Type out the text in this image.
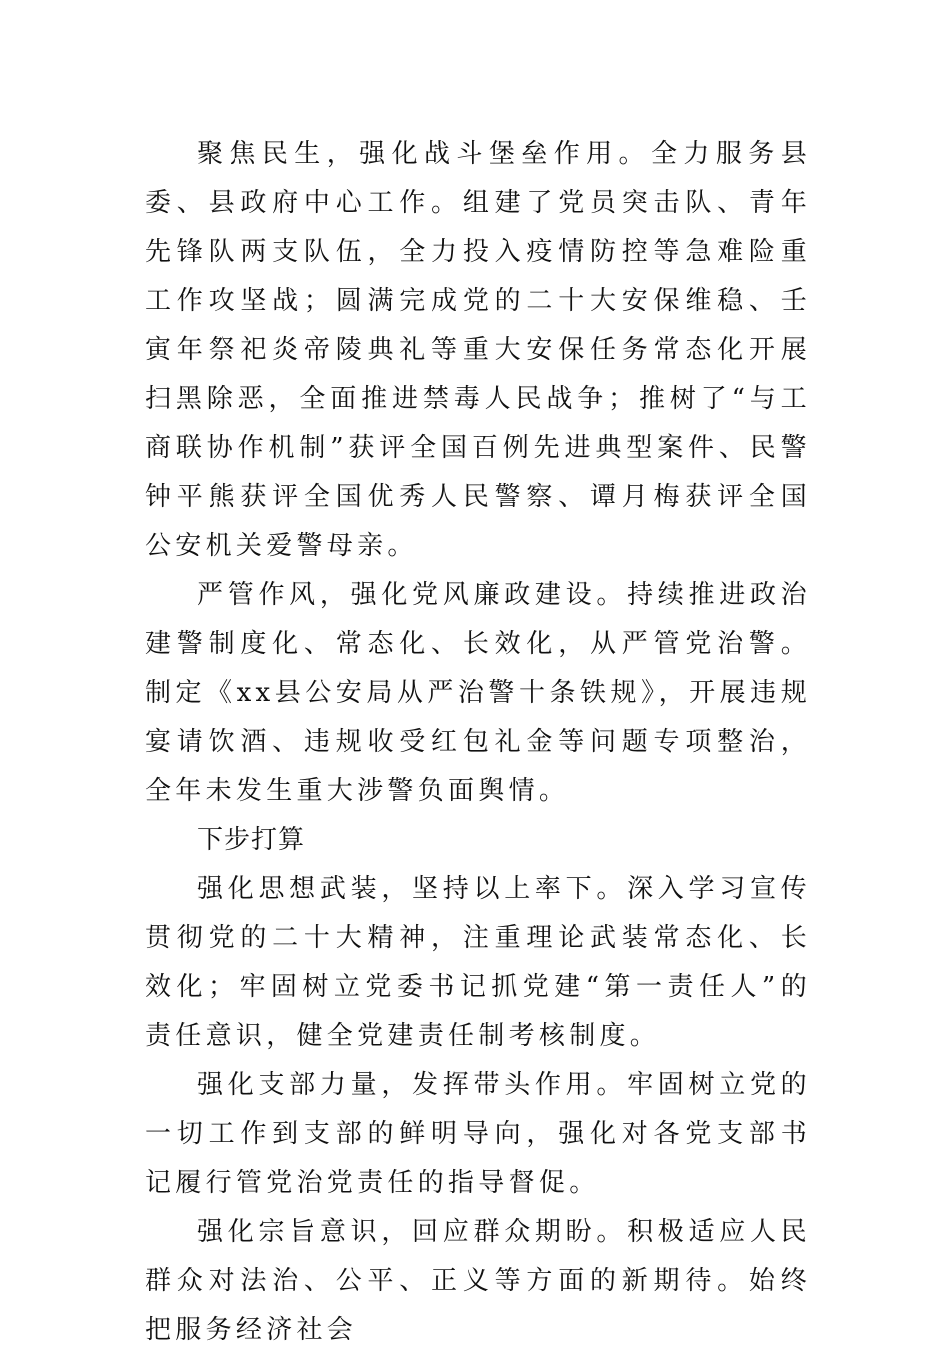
聚焦民生，强化战斗堡垒作用。全力服务县委、县政府中心工作。组建了党员突击队、青年先锋队两支队伍，全力投入疫情防控等急难险重工作攻坚战；圆满完成党的二十大安保维稳、壬寅年祭祀炎帝陵典礼等重大安保任务常态化开展扫黑除恶，全面推进禁毒人民战争；推树了“与工商联协作机制”获评全国百例先进典型案件、民警钟平熊获评全国优秀人民警察、谭月梅获评全国公安机关爱警母亲。

严管作风，强化党风廉政建设。持续推进政治建警制度化、常态化、长效化，从严管党治警。制定《xx县公安局从严治警十条铁规》，开展违规宴请饮酒、违规收受红包礼金等问题专项整治，全年未发生重大涉警负面舆情。

下步打算

强化思想武装，坚持以上率下。深入学习宣传贯彻党的二十大精神，注重理论武装常态化、长效化；牢固树立党委书记抓党建“第一责任人”的责任意识，健全党建责任制考核制度。

强化支部力量，发挥带头作用。牢固树立党的一切工作到支部的鲜明导向，强化对各党支部书记履行管党治党责任的指导督促。

强化宗旨意识，回应群众期盼。积极适应人民群众对法治、公平、正义等方面的新期待。始终把服务经济社会
